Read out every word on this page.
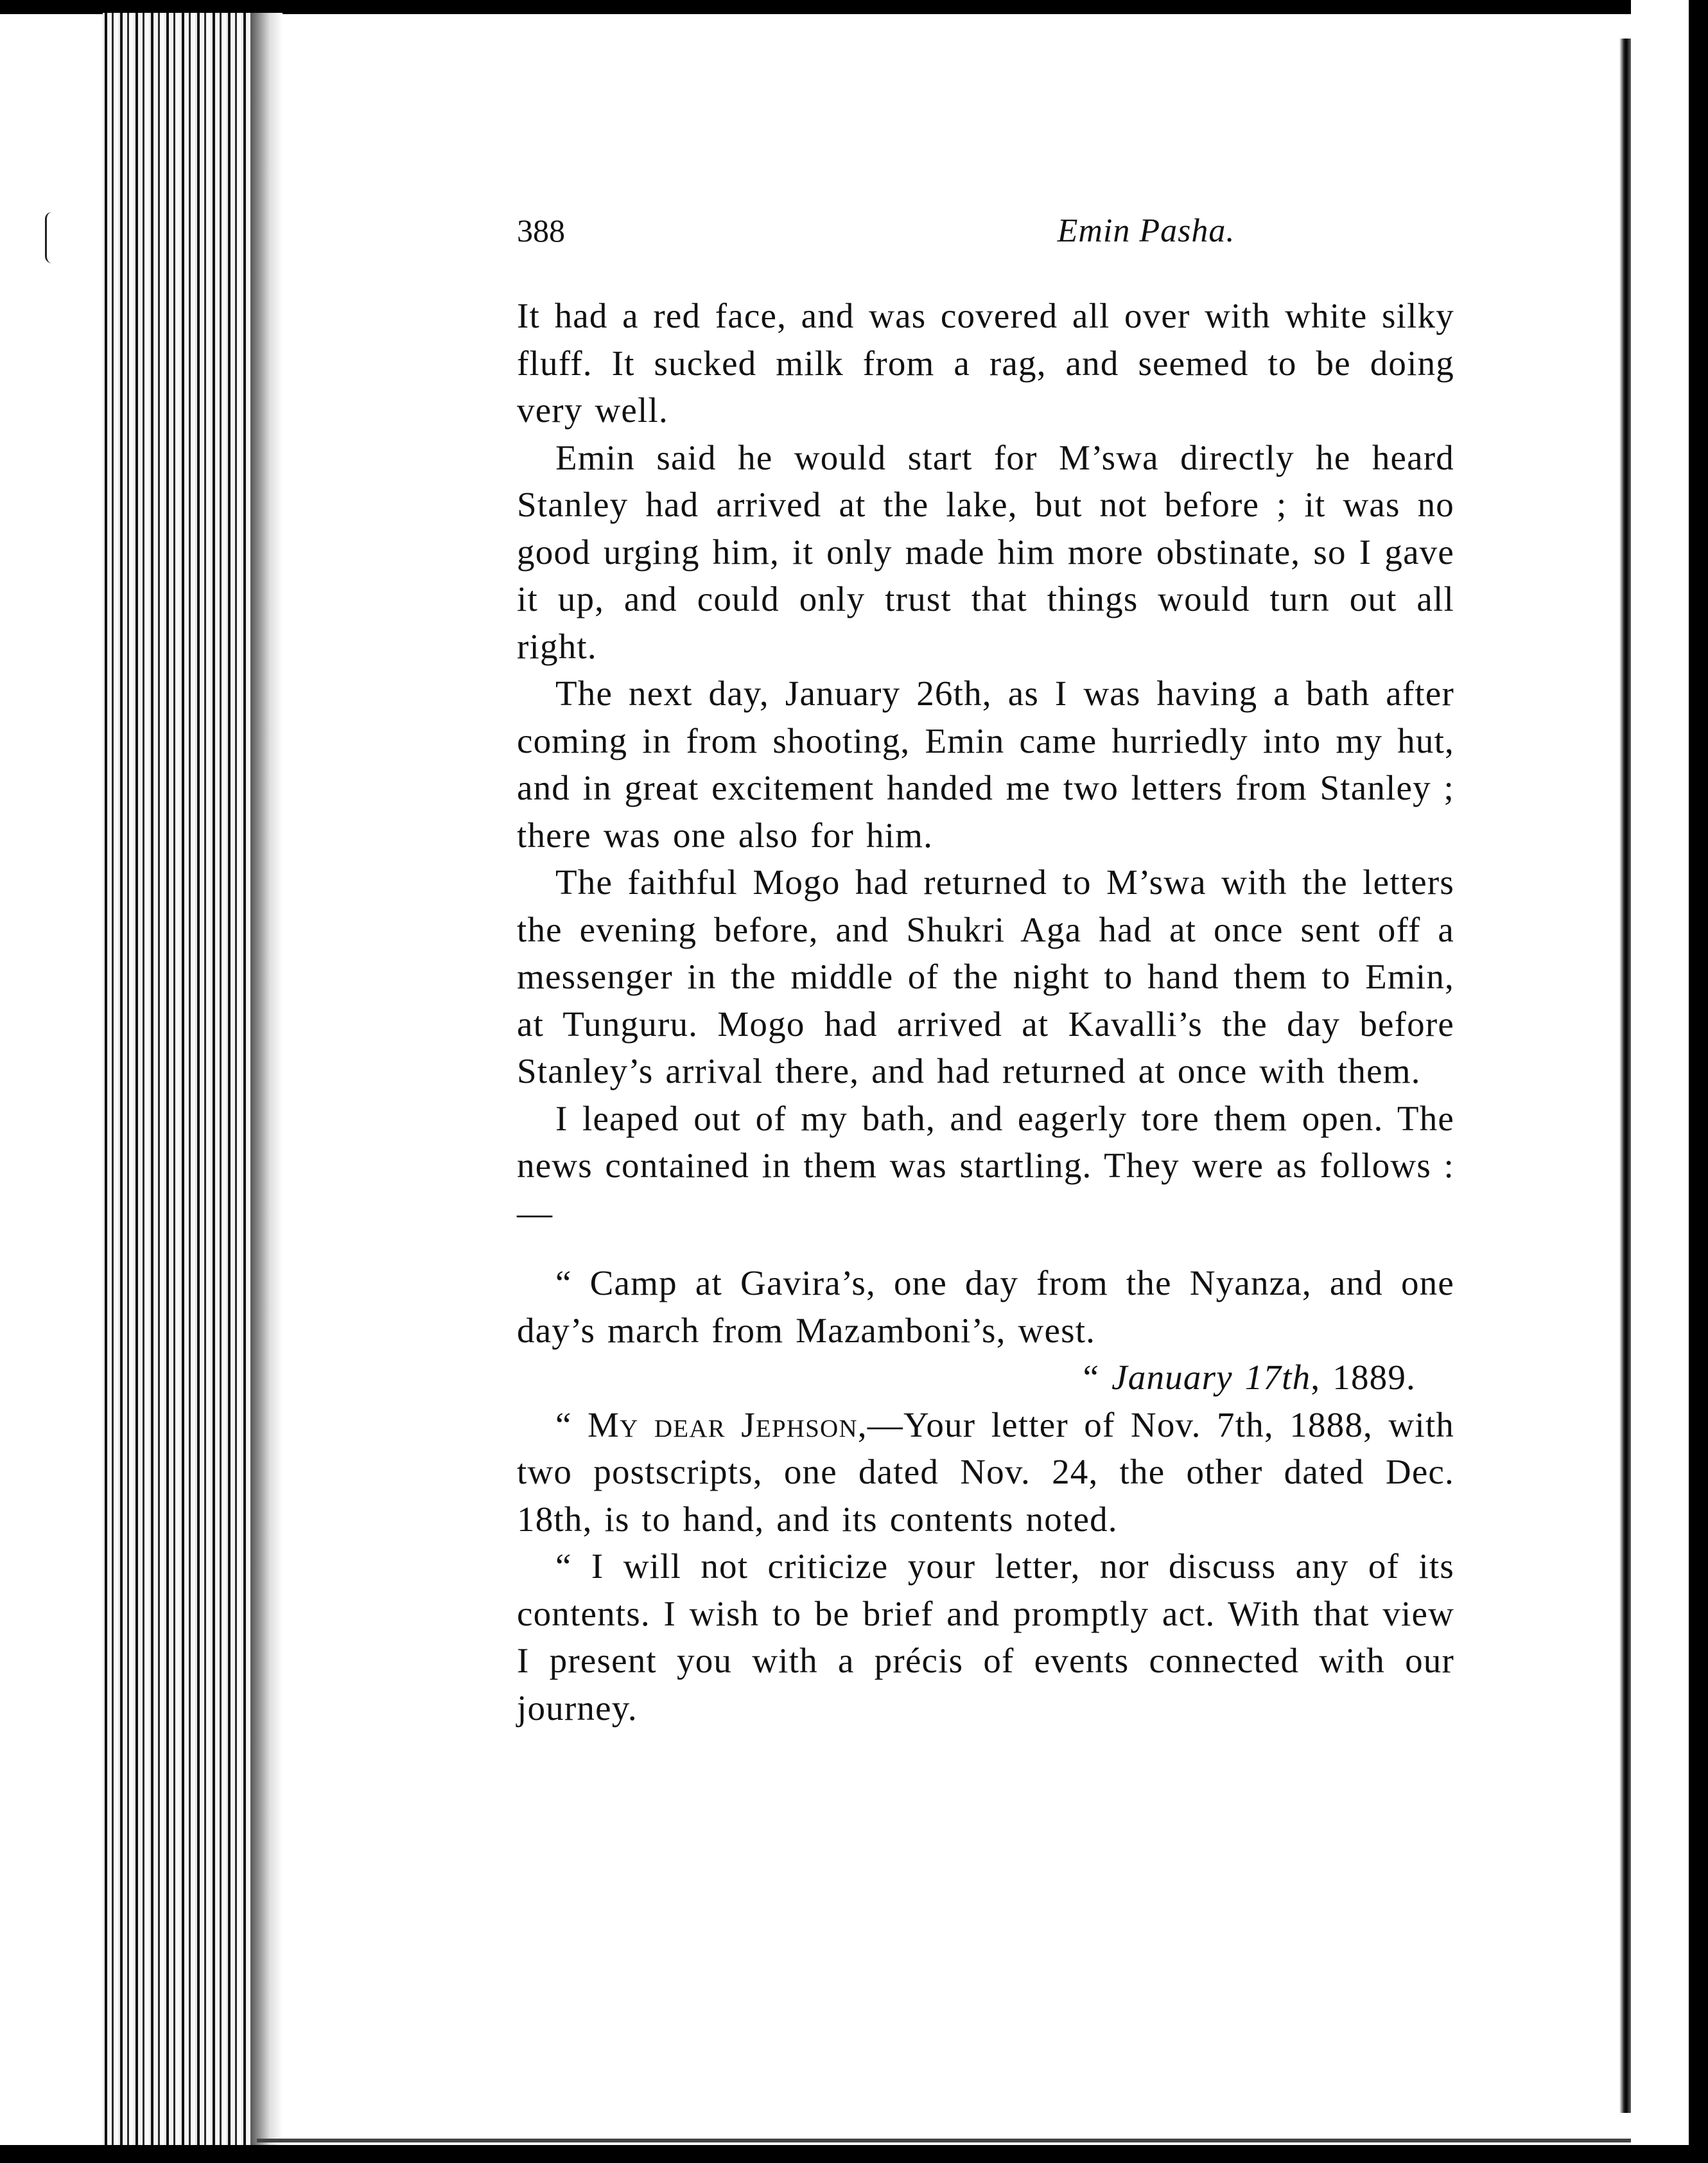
388	Emin Pasha.

It had a red face, and was covered all over with white silky fluff. It sucked milk from a rag, and seemed to be doing very well.

Emin said he would start for M’swa directly he heard Stanley had arrived at the lake, but not before ; it was no good urging him, it only made him more obstinate, so I gave it up, and could only trust that things would turn out all right.

The next day, January 26th, as I was having a bath after coming in from shooting, Emin came hurriedly into my hut, and in great excitement handed me two letters from Stanley ; there was one also for him.

The faithful Mogo had returned to M’swa with the letters the evening before, and Shukri Aga had at once sent off a messenger in the middle of the night to hand them to Emin, at Tunguru. Mogo had arrived at Kavalli’s the day before Stanley’s arrival there, and had returned at once with them.

I leaped out of my bath, and eagerly tore them open. The news contained in them was startling. They were as follows :—

“ Camp at Gavira’s, one day from the Nyanza, and one day’s march from Mazamboni’s, west.

“ January 17th, 1889.

“ My dear Jephson,—Your letter of Nov. 7th, 1888, with two postscripts, one dated Nov. 24, the other dated Dec. 18th, is to hand, and its contents noted.

“ I will not criticize your letter, nor discuss any of its contents. I wish to be brief and promptly act. With that view I present you with a précis of events connected with our journey.
